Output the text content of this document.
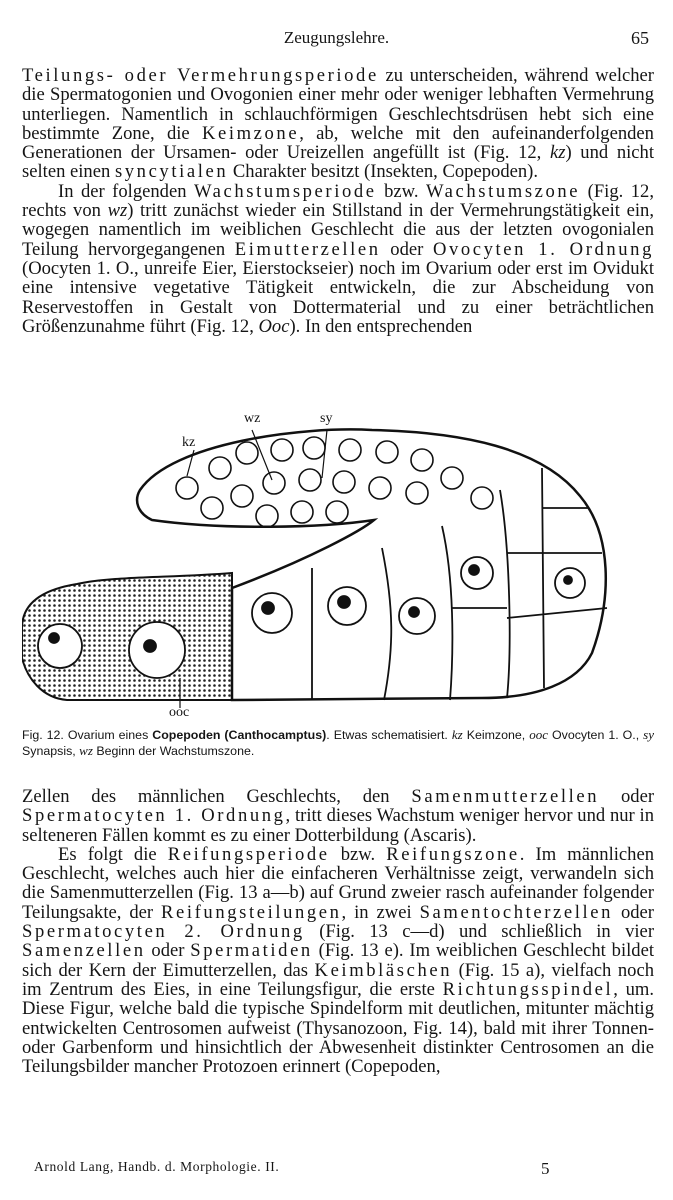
Zeugungslehre.	65

Teilungs- oder Vermehrungsperiode zu unterscheiden, während welcher die Spermatogonien und Ovogonien einer mehr oder weniger lebhaften Vermehrung unterliegen. Namentlich in schlauchförmigen Geschlechtsdrüsen hebt sich eine bestimmte Zone, die Keimzone, ab, welche mit den aufeinanderfolgenden Generationen der Ursamen- oder Ureizellen angefüllt ist (Fig. 12, kz) und nicht selten einen syncytialen Charakter besitzt (Insekten, Copepoden).

In der folgenden Wachstumsperiode bzw. Wachstumszone (Fig. 12, rechts von wz) tritt zunächst wieder ein Stillstand in der Vermehrungstätigkeit ein, wogegen namentlich im weiblichen Geschlecht die aus der letzten ovogonialen Teilung hervorgegangenen Eimutterzellen oder Ovocyten 1. Ordnung (Oocyten 1. O., unreife Eier, Eierstockseier) noch im Ovarium oder erst im Ovidukt eine intensive vegetative Tätigkeit entwickeln, die zur Abscheidung von Reservestoffen in Gestalt von Dottermaterial und zu einer beträchtlichen Größenzunahme führt (Fig. 12, Ooc). In den entsprechenden

wz	sy
kz
ooc

Fig. 12. Ovarium eines Copepoden (Canthocamptus). Etwas schematisiert. kz Keimzone, ooc Ovocyten 1. O., sy Synapsis, wz Beginn der Wachstumszone.

Zellen des männlichen Geschlechts, den Samenmutterzellen oder Spermatocyten 1. Ordnung, tritt dieses Wachstum weniger hervor und nur in selteneren Fällen kommt es zu einer Dotterbildung (Ascaris).

Es folgt die Reifungsperiode bzw. Reifungszone. Im männlichen Geschlecht, welches auch hier die einfacheren Verhältnisse zeigt, verwandeln sich die Samenmutterzellen (Fig. 13 a—b) auf Grund zweier rasch aufeinander folgender Teilungsakte, der Reifungsteilungen, in zwei Samentochterzellen oder Spermatocyten 2. Ordnung (Fig. 13 c—d) und schließlich in vier Samenzellen oder Spermatiden (Fig. 13 e). Im weiblichen Geschlecht bildet sich der Kern der Eimutterzellen, das Keimbläschen (Fig. 15 a), vielfach noch im Zentrum des Eies, in eine Teilungsfigur, die erste Richtungsspindel, um. Diese Figur, welche bald die typische Spindelform mit deutlichen, mitunter mächtig entwickelten Centrosomen aufweist (Thysanozoon, Fig. 14), bald mit ihrer Tonnen- oder Garbenform und hinsichtlich der Abwesenheit distinkter Centrosomen an die Teilungsbilder mancher Protozoen erinnert (Copepoden,

Arnold Lang, Handb. d. Morphologie. II.	5
